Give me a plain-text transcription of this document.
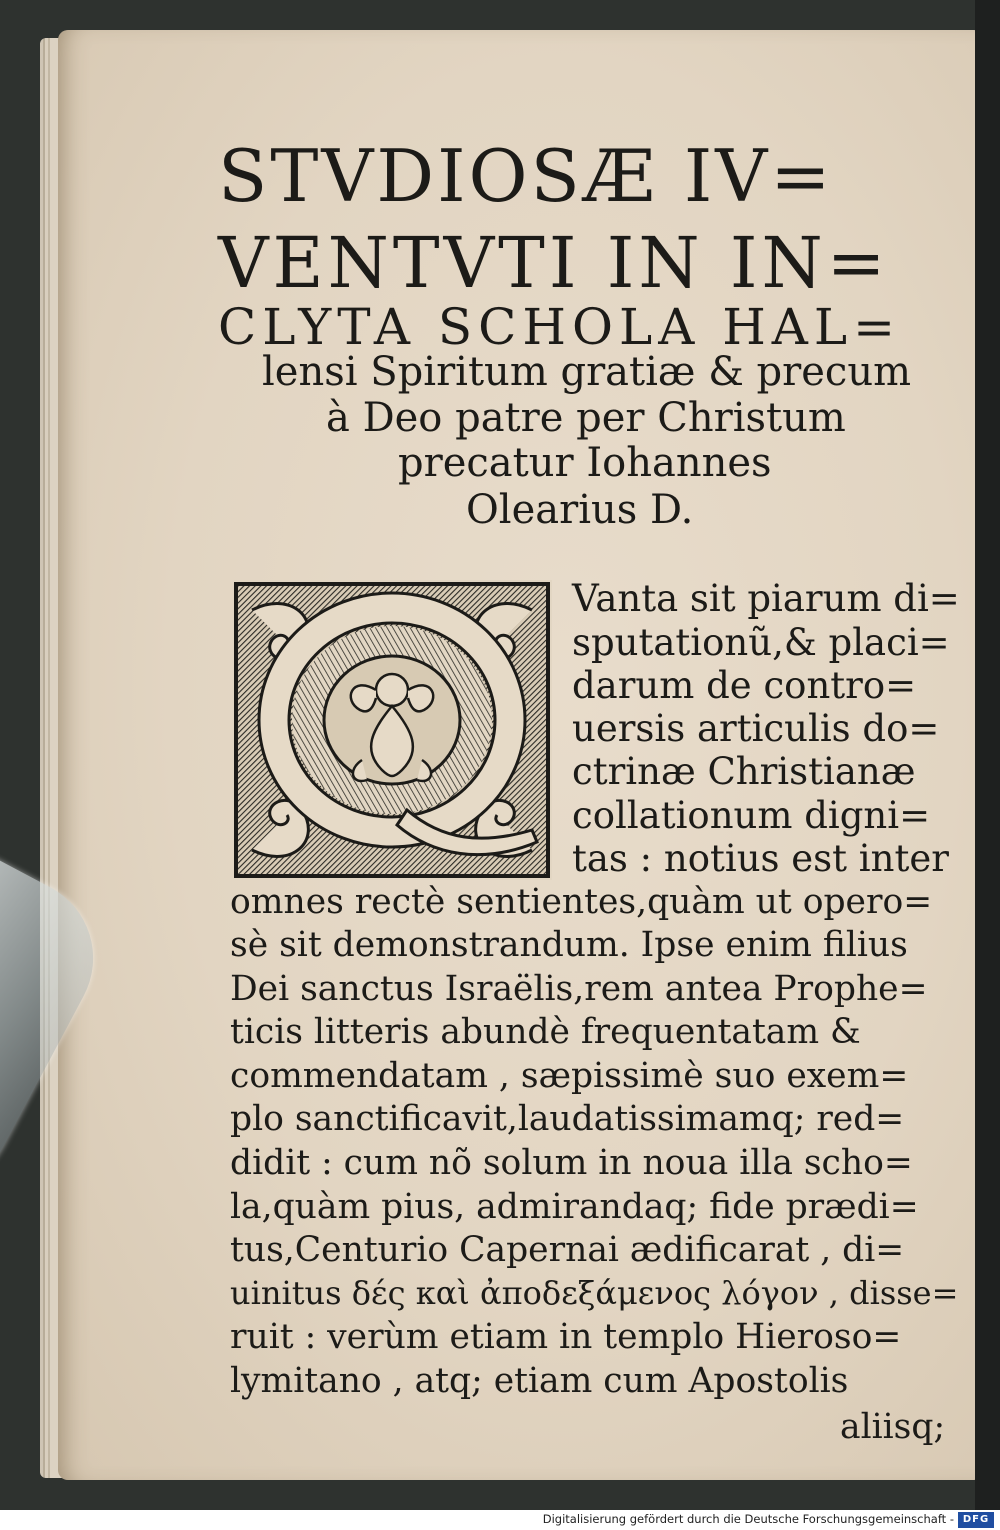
STVDIOSÆ IV=
VENTVTI IN IN=
CLYTA SCHOLA HAL=
lensi Spiritum gratiæ & precum
à Deo patre per Christum
precatur Iohannes
Olearius D.
Vanta sit piarum di=
sputationũ,& placi=
darum de contro=
uersis articulis do=
ctrinæ Christianæ
collationum digni=
tas : notius est inter
omnes rectè sentientes,quàm ut opero=
sè sit demonstrandum. Ipse enim filius
Dei sanctus Israëlis,rem antea Prophe=
ticis litteris abundè frequentatam &
commendatam , sæpissimè suo exem=
plo sanctificavit,laudatissimamq; red=
didit : cum nõ solum in noua illa scho=
la,quàm pius, admirandaq; fide prædi=
tus,Centurio Capernai ædificarat , di=
uinitus δές καὶ ἀποδεξάμενος λόγον , disse=
ruit : verùm etiam in templo Hieroso=
lymitano , atq; etiam cum Apostolis
aliisq;
Digitalisierung gefördert durch die Deutsche Forschungsgemeinschaft - DFG
